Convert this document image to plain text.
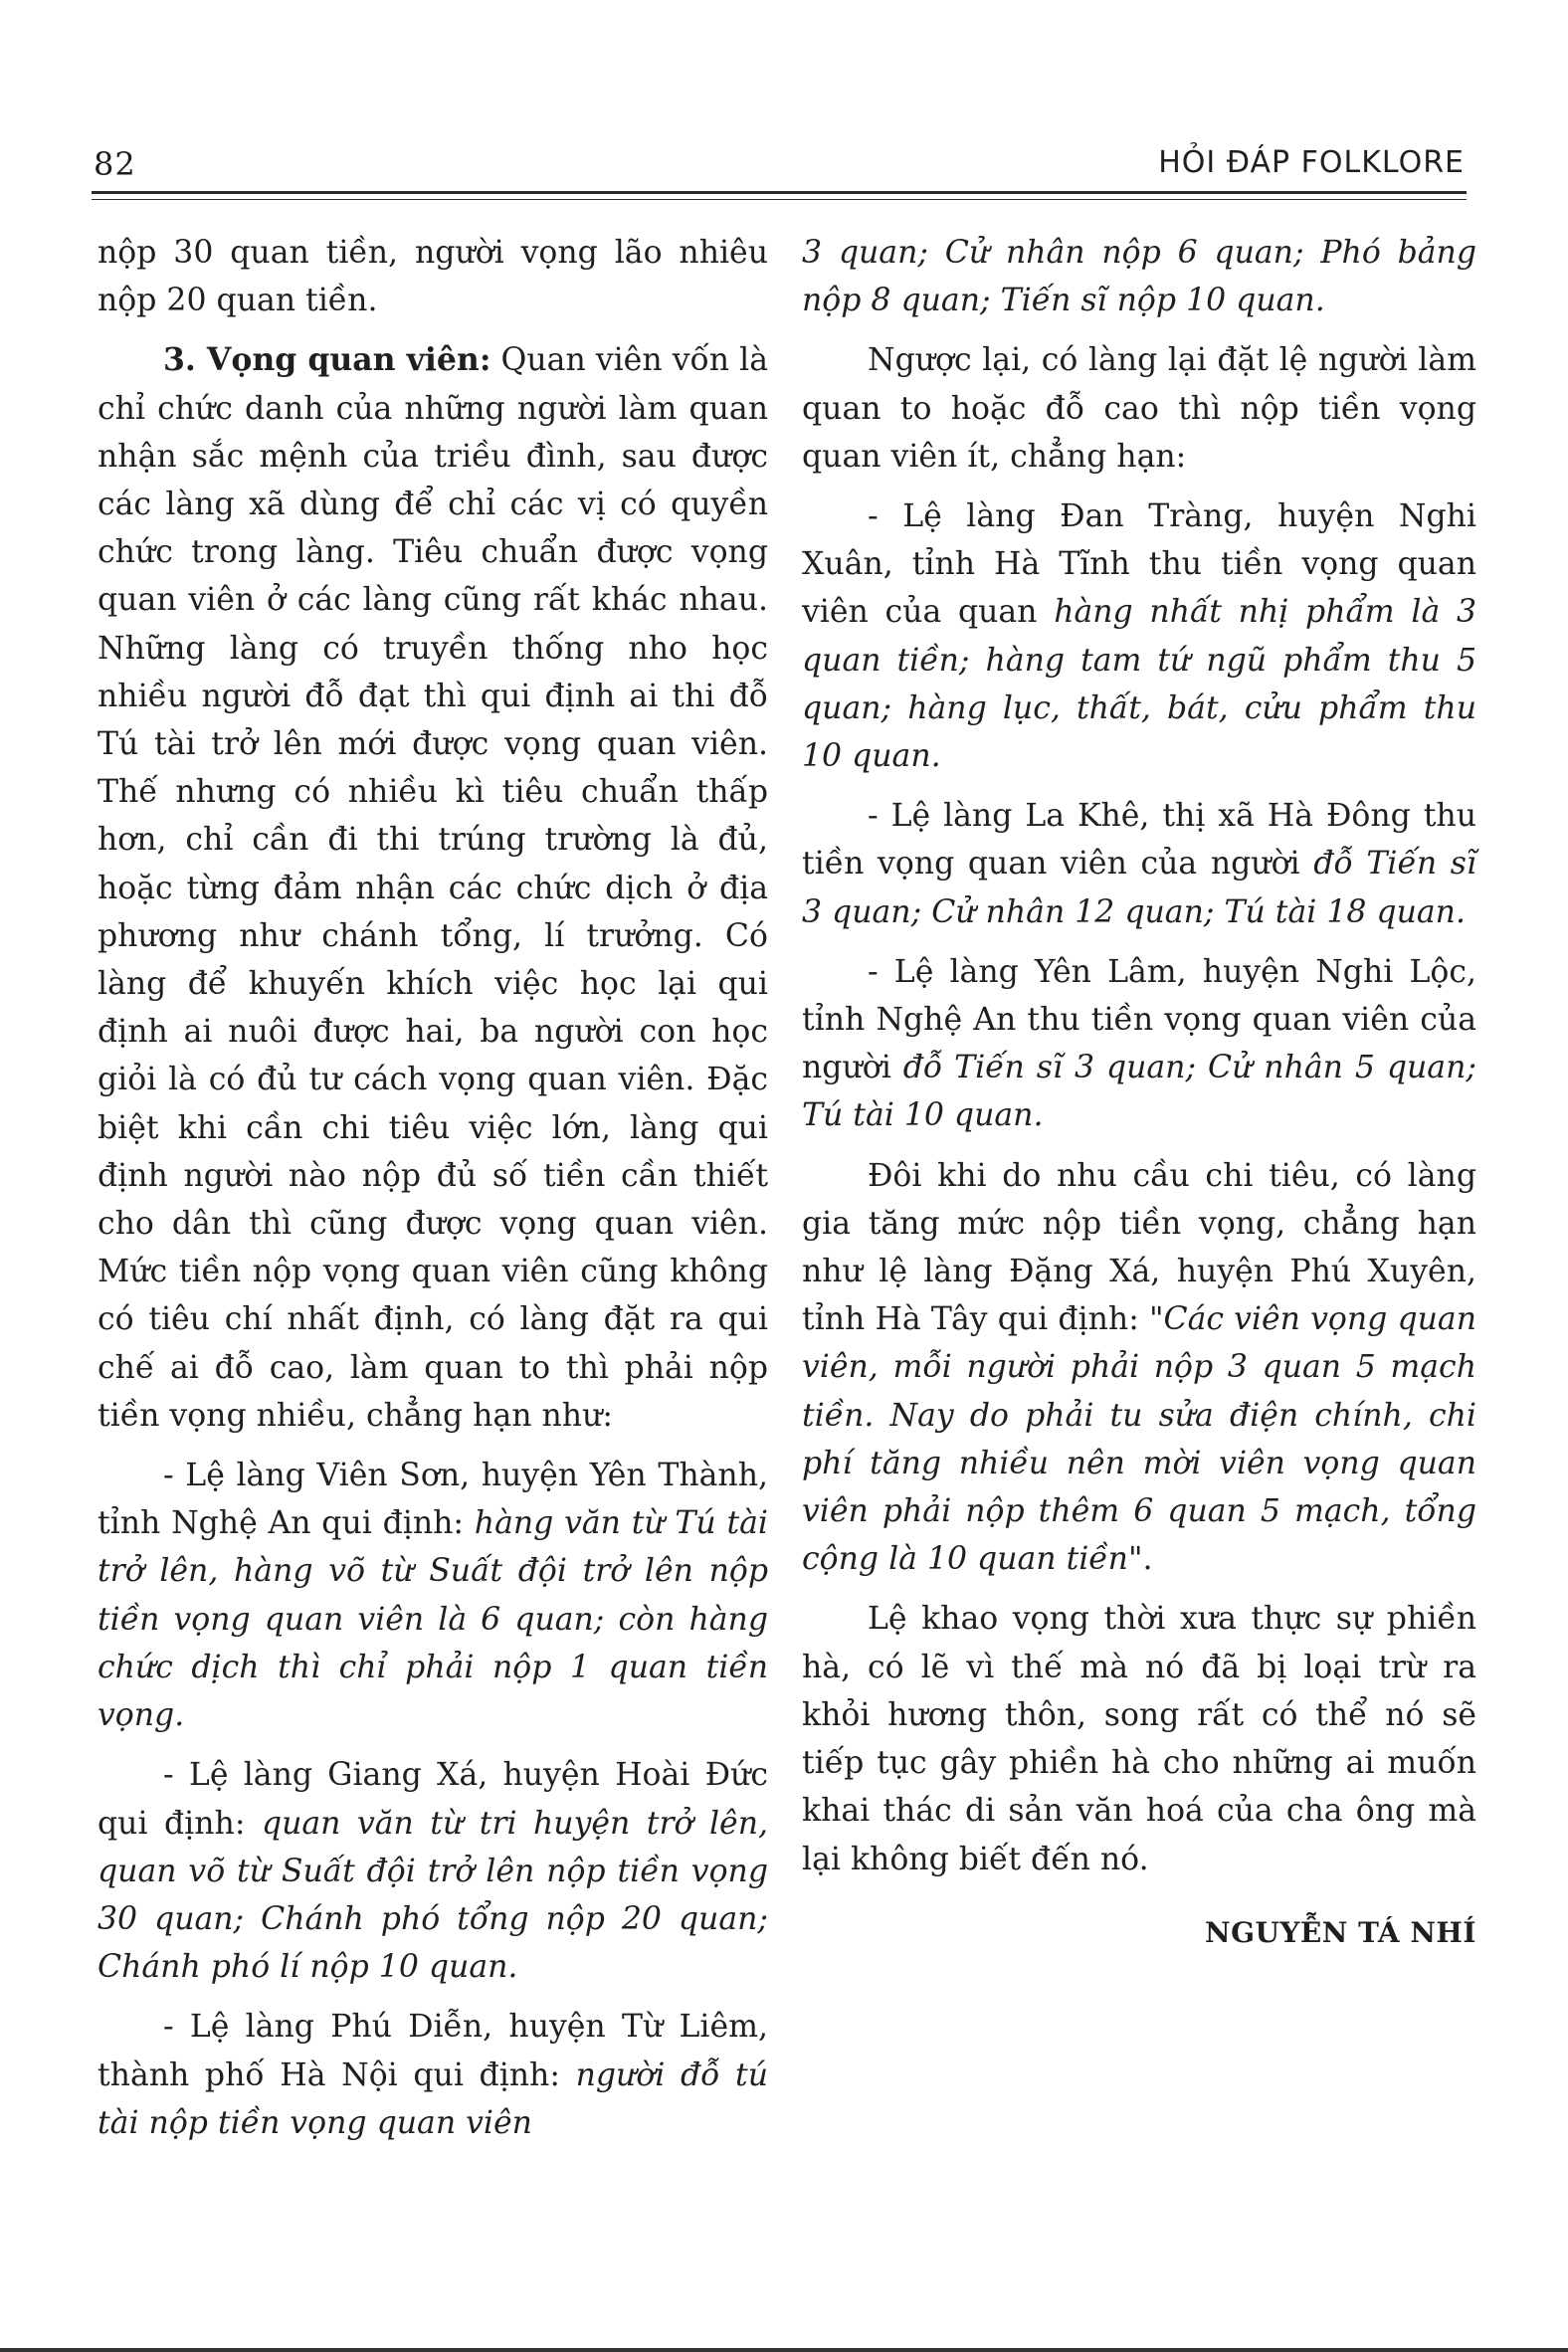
82	HỎI ĐÁP FOLKLORE

nộp 30 quan tiền, người vọng lão nhiêu nộp 20 quan tiền.

3. Vọng quan viên: Quan viên vốn là chỉ chức danh của những người làm quan nhận sắc mệnh của triều đình, sau được các làng xã dùng để chỉ các vị có quyền chức trong làng. Tiêu chuẩn được vọng quan viên ở các làng cũng rất khác nhau. Những làng có truyền thống nho học nhiều người đỗ đạt thì qui định ai thi đỗ Tú tài trở lên mới được vọng quan viên. Thế nhưng có nhiều kì tiêu chuẩn thấp hơn, chỉ cần đi thi trúng trường là đủ, hoặc từng đảm nhận các chức dịch ở địa phương như chánh tổng, lí trưởng. Có làng để khuyến khích việc học lại qui định ai nuôi được hai, ba người con học giỏi là có đủ tư cách vọng quan viên. Đặc biệt khi cần chi tiêu việc lớn, làng qui định người nào nộp đủ số tiền cần thiết cho dân thì cũng được vọng quan viên. Mức tiền nộp vọng quan viên cũng không có tiêu chí nhất định, có làng đặt ra qui chế ai đỗ cao, làm quan to thì phải nộp tiền vọng nhiều, chẳng hạn như:

- Lệ làng Viên Sơn, huyện Yên Thành, tỉnh Nghệ An qui định: hàng văn từ Tú tài trở lên, hàng võ từ Suất đội trở lên nộp tiền vọng quan viên là 6 quan; còn hàng chức dịch thì chỉ phải nộp 1 quan tiền vọng.

- Lệ làng Giang Xá, huyện Hoài Đức qui định: quan văn từ tri huyện trở lên, quan võ từ Suất đội trở lên nộp tiền vọng 30 quan; Chánh phó tổng nộp 20 quan; Chánh phó lí nộp 10 quan.

- Lệ làng Phú Diễn, huyện Từ Liêm, thành phố Hà Nội qui định: người đỗ tú tài nộp tiền vọng quan viên

3 quan; Cử nhân nộp 6 quan; Phó bảng nộp 8 quan; Tiến sĩ nộp 10 quan.

Ngược lại, có làng lại đặt lệ người làm quan to hoặc đỗ cao thì nộp tiền vọng quan viên ít, chẳng hạn:

- Lệ làng Đan Tràng, huyện Nghi Xuân, tỉnh Hà Tĩnh thu tiền vọng quan viên của quan hàng nhất nhị phẩm là 3 quan tiền; hàng tam tứ ngũ phẩm thu 5 quan; hàng lục, thất, bát, cửu phẩm thu 10 quan.

- Lệ làng La Khê, thị xã Hà Đông thu tiền vọng quan viên của người đỗ Tiến sĩ 3 quan; Cử nhân 12 quan; Tú tài 18 quan.

- Lệ làng Yên Lâm, huyện Nghi Lộc, tỉnh Nghệ An thu tiền vọng quan viên của người đỗ Tiến sĩ 3 quan; Cử nhân 5 quan; Tú tài 10 quan.

Đôi khi do nhu cầu chi tiêu, có làng gia tăng mức nộp tiền vọng, chẳng hạn như lệ làng Đặng Xá, huyện Phú Xuyên, tỉnh Hà Tây qui định: "Các viên vọng quan viên, mỗi người phải nộp 3 quan 5 mạch tiền. Nay do phải tu sửa điện chính, chi phí tăng nhiều nên mời viên vọng quan viên phải nộp thêm 6 quan 5 mạch, tổng cộng là 10 quan tiền".

Lệ khao vọng thời xưa thực sự phiền hà, có lẽ vì thế mà nó đã bị loại trừ ra khỏi hương thôn, song rất có thể nó sẽ tiếp tục gây phiền hà cho những ai muốn khai thác di sản văn hoá của cha ông mà lại không biết đến nó.

NGUYỄN TÁ NHÍ
